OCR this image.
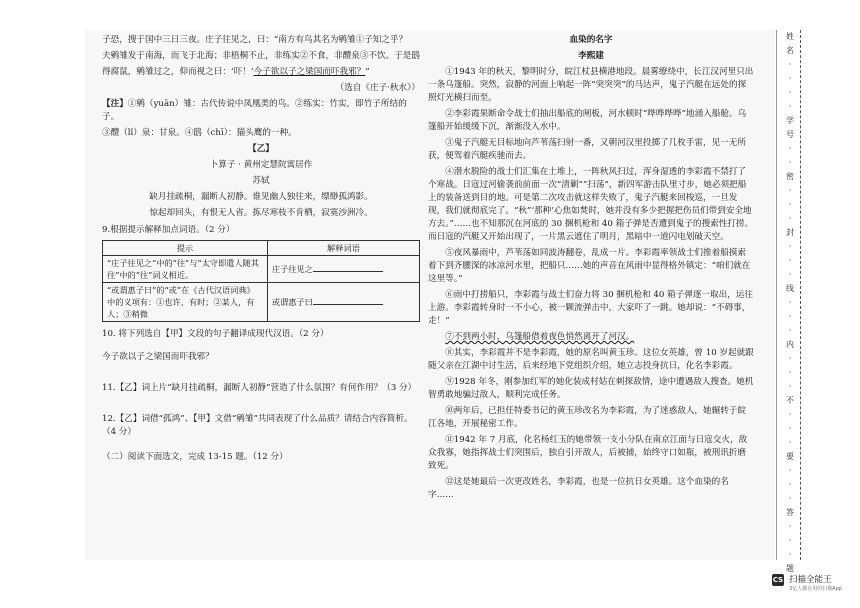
子恐，搜于国中三日三夜。庄子往见之，曰：“南方有鸟其名为鹓雏①子知之乎？

夫鹓雏发于南海，而飞于北海；非梧桐不止，非练实②不食，非醴泉③不饮。于是鸱

得腐鼠，鹓雏过之，仰而视之曰：‘吓！’今子欲以子之梁国而吓我邪？”

（选自《庄子·秋水》）

【注】①鹓（yuān）雏：古代传说中凤凰类的鸟。②练实：竹实，即竹子所结的子。

③醴（lǐ）泉：甘泉。④鸱（chī）：猫头鹰的一种。

【乙】

卜算子 · 黄州定慧院寓居作

苏轼

缺月挂疏桐，漏断人初静。谁见幽人独往来，缥缈孤鸿影。

惊起却回头，有恨无人省。拣尽寒枝不肯栖，寂寞沙洲冷。

9.根据提示解释加点词语。（2 分）

提示	解释词语
“庄子往见之”中的“往”与“太守即遣人随其往”中的“往”词义相近。	庄子往见之
“或谓惠子曰”的“或”在《古代汉语词典》中的义项有：①也许、有时；②某人，有人；③稍微	或谓惠子曰

10. 将下列选自【甲】文段的句子翻译成现代汉语。（2 分）

今子欲以子之梁国而吓我邪？

11.【乙】词上片“缺月挂疏桐，漏断人初静”营造了什么氛围？有何作用？（3 分）

12.【乙】词借“孤鸿”、【甲】文借“鹓雏”共同表现了什么品质？请结合内容简析。（4 分）

（二）阅读下面选文，完成 13-15 题。（12 分）

血染的名字

李熙建

①1943 年的秋天，黎明时分，皖江杖县横港地段。晨雾缭绕中，长江汉河里只出一条乌篷船。突然，寂静的河面上响起一阵“突突突”的马达声，鬼子汽艇在远处的探照灯光横扫而至。

②李彩霞果断命令战士们抽出船底的闸板，河水顿时“哗哗哗哗”地涌入船舱。乌篷船开始缓缓下沉，渐渐没入水中。

③鬼子汽艇无目标地向芦苇荡扫射一番，又朝河汉里投掷了几枚手雷，见一无所获，便驾着汽艇疾驰而去。

④潜水脱险的战士们汇集在土堆上，一阵秋风扫过，浑身湿透的李彩霞不禁打了个寒战。日寇过河偷袭前前面一次“清剿”“扫荡”，新四军游击队里寸步，她必须把船上的装备送到目的地。可是第二次攻击就这样失败了，鬼子汽艇来回梭巡，一旦发现，我们就彻底完了。“秋”‘那种’心焦如焚时，她并没有多少把握把伤员们带到安全地方去。”……也不知那沉在河底的 30 捆机枪和 40 箱子弹是否遭到鬼子的搜索性打捞。而日寇的汽艇又开始出现了，一片黑云遮住了明月，黑暗中一道闪电划破天空。

⑤夜风暴雨中，芦苇荡如同波涛翻卷，乱成一片。李彩霞率领战士们推着船摸索着下到齐腰深的冰凉河水里，把船只……她的声音在风雨中显得格外镇定：“咱们就在这里等。”

⑥雨中打捞船只，李彩霞与战士们奋力将 30 捆机枪和 40 箱子弹逐一取出，运往上游。李彩霞转身时一不小心，被一颗流弹击中，大家吓了一跳。她却说：“不碍事，走！”

⑦不到两小时，乌篷船借着夜色悄然离开了河汉。

⑧其实，李彩霞并不是李彩霞，她的原名叫黄玉珍。这位女英雄，曾 10 岁起就跟随父亲在江湖中讨生活，后来经地下党组织介绍，她立志投身抗日，化名李彩霞。

⑨1928 年冬，刚参加红军的她化装成村姑在刺探敌情，途中遭遇敌人搜查。她机智勇敢地骗过敌人，顺利完成任务。

⑩两年后，已担任特委书记的黄玉珍改名为李彩霞，为了迷惑敌人，她辗转于皖江各地，开展秘密工作。

⑪1942 年 7 月底，化名杨红玉的她带领一支小分队在南京江面与日寇交火，敌众我寡，她指挥战士们突围后，独自引开敌人，后被捕，始终守口如瓶，被刑讯折磨致死。

⑫这是她最后一次更改姓名，李彩霞，也是一位抗日女英雄。这个血染的名字……

姓
名
·
·
·
·
学
号
·
·
密
·
·
·
封
·
·
·
线
·
·
·
内
·
·
·
不
·
·
·
要
·
·
·
答
·
·
·
题
CS 扫描全能王
3亿人都在用的扫描App
